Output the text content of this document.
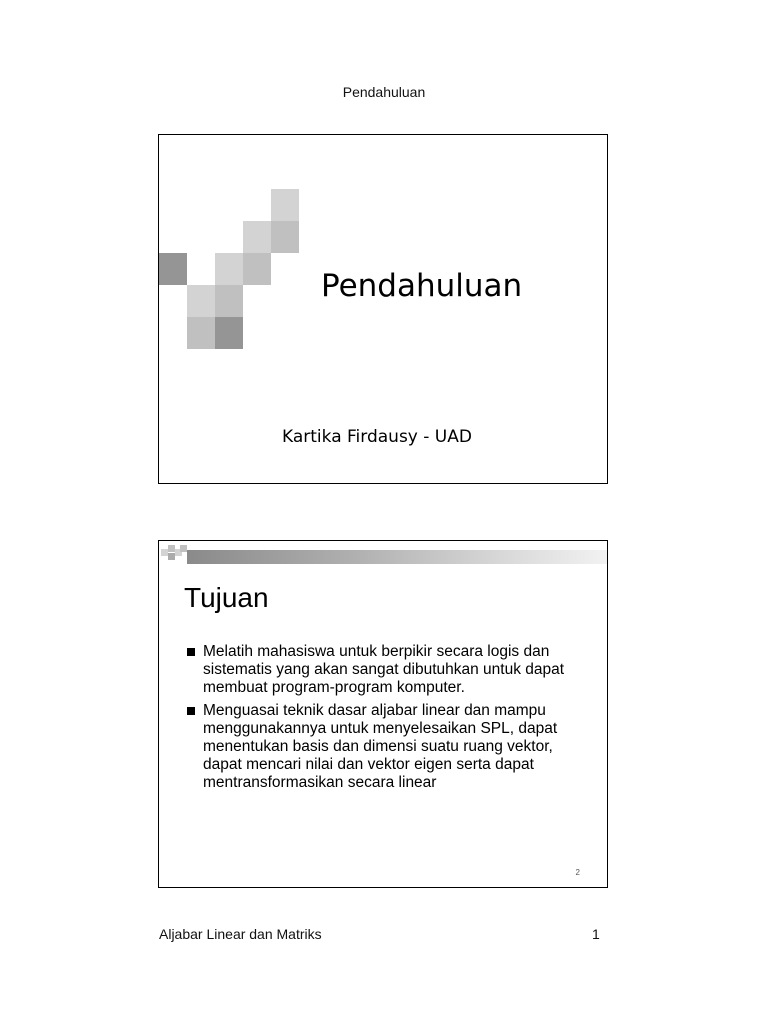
Pendahuluan
Pendahuluan
Kartika Firdausy - UAD
Tujuan
Melatih mahasiswa untuk berpikir secara logis dan sistematis yang akan sangat dibutuhkan untuk dapat membuat program-program komputer.
Menguasai teknik dasar aljabar linear dan mampu menggunakannya untuk menyelesaikan SPL, dapat menentukan basis dan dimensi suatu ruang vektor, dapat mencari nilai dan vektor eigen serta dapat mentransformasikan secara linear
2
Aljabar Linear dan Matriks	1
